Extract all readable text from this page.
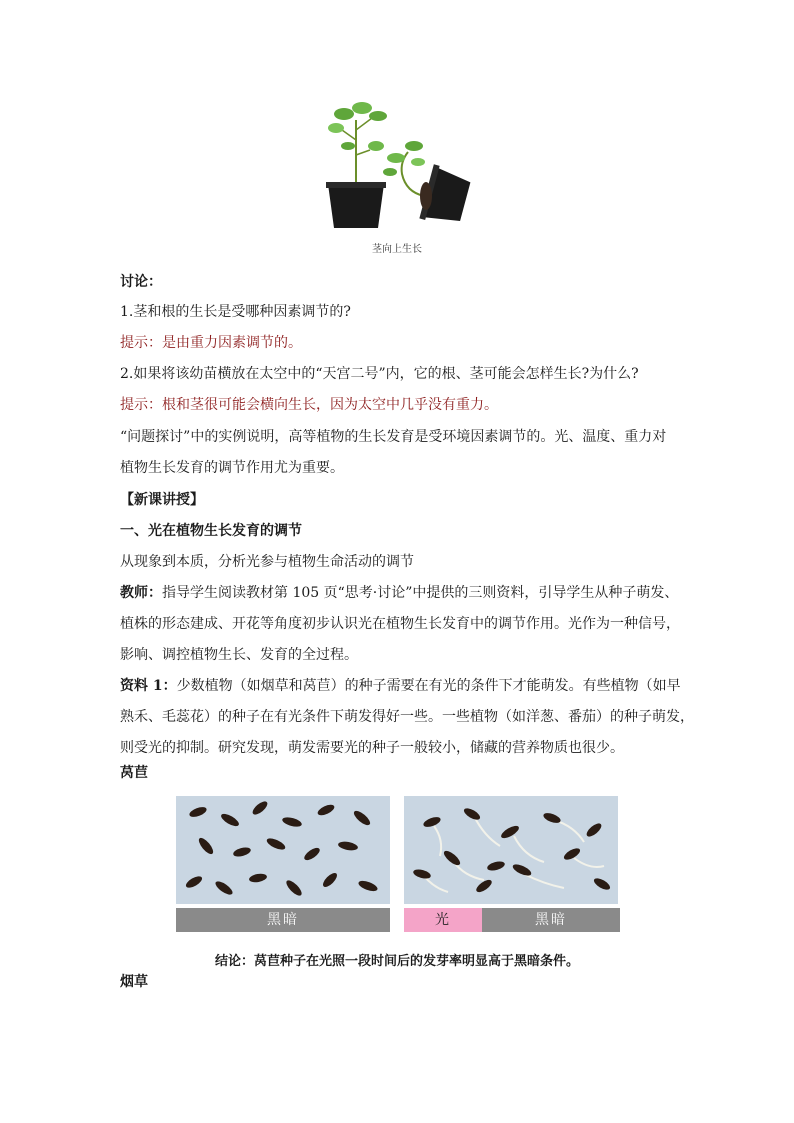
茎向上生长
讨论：
1.茎和根的生长是受哪种因素调节的?
提示：是由重力因素调节的。
2.如果将该幼苗横放在太空中的“天宫二号”内，它的根、茎可能会怎样生长?为什么?
提示：根和茎很可能会横向生长，因为太空中几乎没有重力。
“问题探讨”中的实例说明，高等植物的生长发育是受环境因素调节的。光、温度、重力对
植物生长发育的调节作用尤为重要。
【新课讲授】
一、光在植物生长发育的调节
从现象到本质，分析光参与植物生命活动的调节
教师：指导学生阅读教材第 105 页“思考·讨论”中提供的三则资料，引导学生从种子萌发、
植株的形态建成、开花等角度初步认识光在植物生长发育中的调节作用。光作为一种信号，
影响、调控植物生长、发育的全过程。
资料 1：少数植物（如烟草和莴苣）的种子需要在有光的条件下才能萌发。有些植物（如早
熟禾、毛蕊花）的种子在有光条件下萌发得好一些。一些植物（如洋葱、番茄）的种子萌发，
则受光的抑制。研究发现，萌发需要光的种子一般较小，储藏的营养物质也很少。
莴苣
黑暗	光	黑暗
结论：莴苣种子在光照一段时间后的发芽率明显高于黑暗条件。
烟草
